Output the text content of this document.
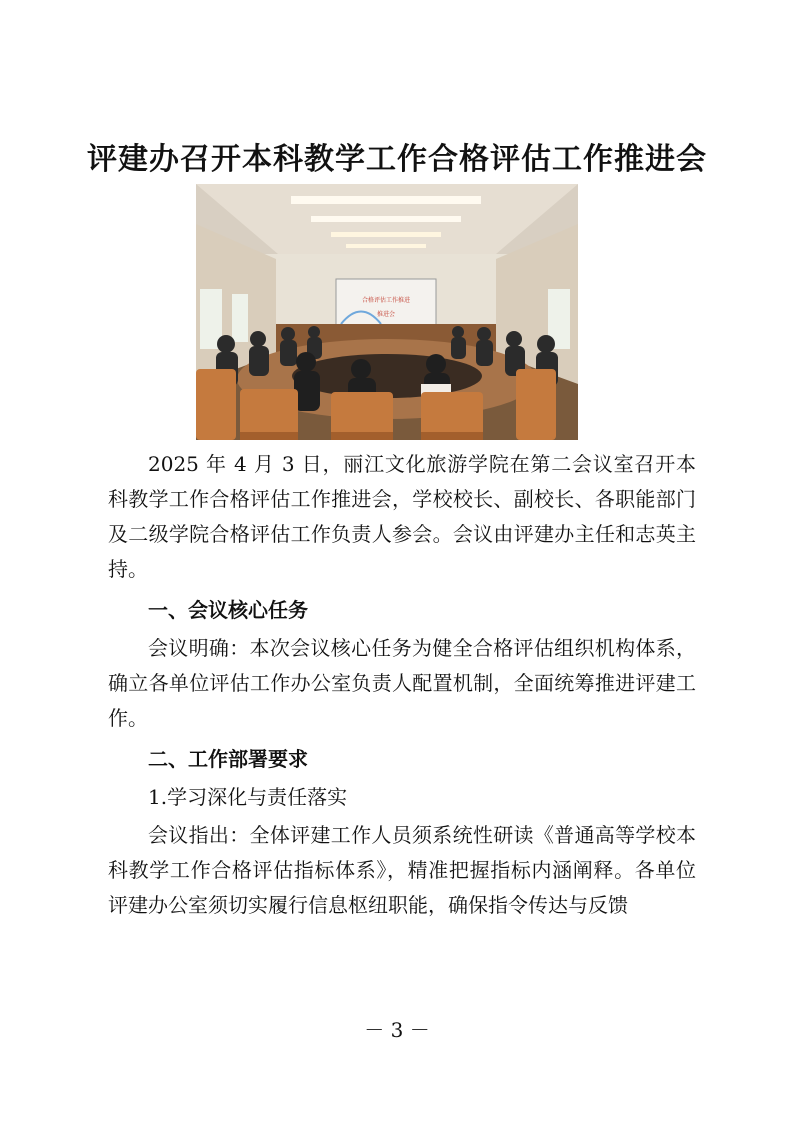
评建办召开本科教学工作合格评估工作推进会
合格评估工作推进
推进会

2025 年 4 月 3 日，丽江文化旅游学院在第二会议室召开本科教学工作合格评估工作推进会，学校校长、副校长、各职能部门及二级学院合格评估工作负责人参会。会议由评建办主任和志英主持。

一、会议核心任务

会议明确：本次会议核心任务为健全合格评估组织机构体系，确立各单位评估工作办公室负责人配置机制，全面统筹推进评建工作。

二、工作部署要求

1.学习深化与责任落实

会议指出：全体评建工作人员须系统性研读《普通高等学校本科教学工作合格评估指标体系》，精准把握指标内涵阐释。各单位评建办公室须切实履行信息枢纽职能，确保指令传达与反馈

－ 3 －
